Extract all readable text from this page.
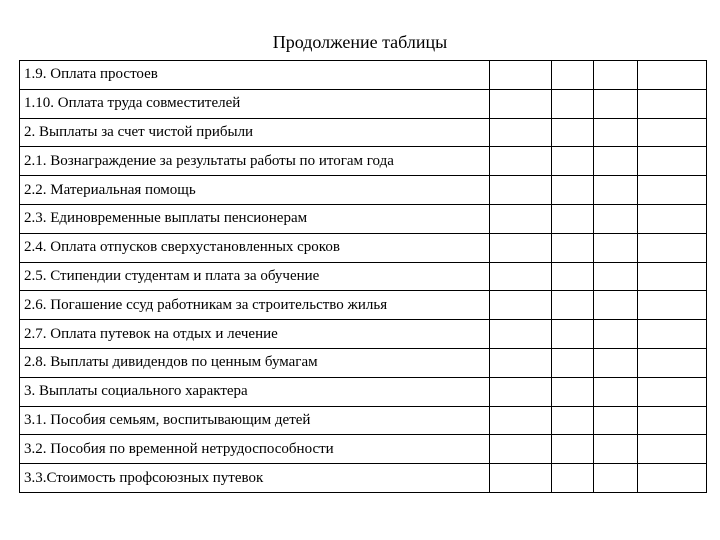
Продолжение таблицы
1.9. Оплата простоев				
1.10. Оплата труда совместителей				
2. Выплаты за счет чистой прибыли				
2.1. Вознаграждение за результаты работы по итогам года				
2.2. Материальная помощь				
2.3. Единовременные выплаты пенсионерам				
2.4. Оплата отпусков сверхустановленных сроков				
2.5. Стипендии студентам и плата за обучение				
2.6. Погашение ссуд работникам за строительство жилья				
2.7. Оплата путевок на отдых и лечение				
2.8. Выплаты дивидендов по ценным бумагам				
3. Выплаты социального характера				
3.1. Пособия семьям, воспитывающим детей				
3.2. Пособия по временной нетрудоспособности				
3.3.Стоимость профсоюзных путевок				
